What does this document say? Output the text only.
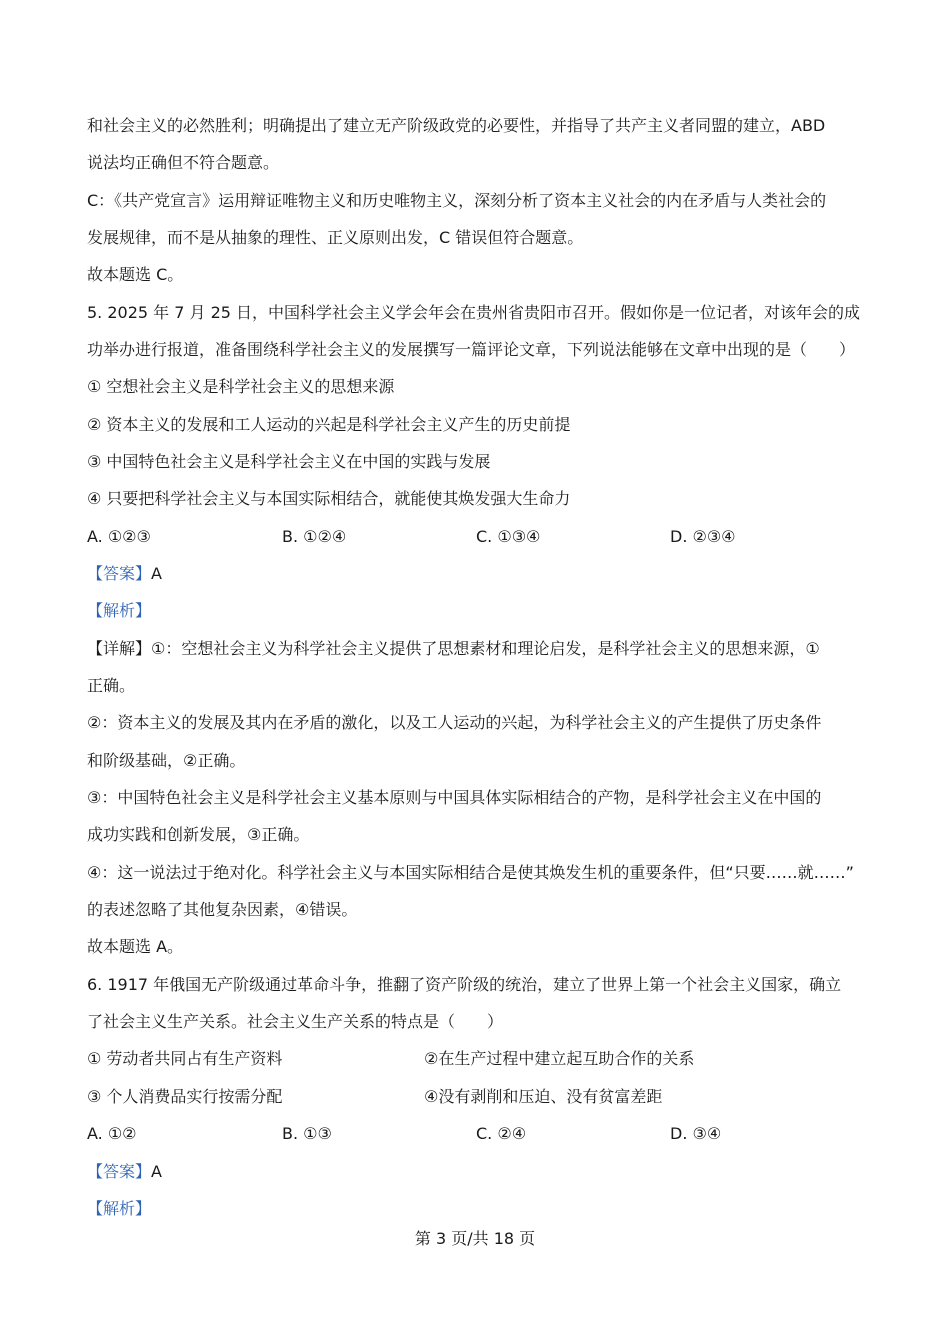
和社会主义的必然胜利；明确提出了建立无产阶级政党的必要性，并指导了共产主义者同盟的建立，ABD
说法均正确但不符合题意。
C：《共产党宣言》运用辩证唯物主义和历史唯物主义，深刻分析了资本主义社会的内在矛盾与人类社会的
发展规律，而不是从抽象的理性、正义原则出发，C 错误但符合题意。
故本题选 C。
5. 2025 年 7 月 25 日，中国科学社会主义学会年会在贵州省贵阳市召开。假如你是一位记者，对该年会的成
功举办进行报道，准备围绕科学社会主义的发展撰写一篇评论文章，下列说法能够在文章中出现的是（　　）
① 空想社会主义是科学社会主义的思想来源
② 资本主义的发展和工人运动的兴起是科学社会主义产生的历史前提
③ 中国特色社会主义是科学社会主义在中国的实践与发展
④ 只要把科学社会主义与本国实际相结合，就能使其焕发强大生命力
A. ①②③	B. ①②④	C. ①③④	D. ②③④
【答案】A
【解析】
【详解】①：空想社会主义为科学社会主义提供了思想素材和理论启发，是科学社会主义的思想来源，①
正确。
②：资本主义的发展及其内在矛盾的激化，以及工人运动的兴起，为科学社会主义的产生提供了历史条件
和阶级基础，②正确。
③：中国特色社会主义是科学社会主义基本原则与中国具体实际相结合的产物，是科学社会主义在中国的
成功实践和创新发展，③正确。
④：这一说法过于绝对化。科学社会主义与本国实际相结合是使其焕发生机的重要条件，但“只要……就……”
的表述忽略了其他复杂因素，④错误。
故本题选 A。
6. 1917 年俄国无产阶级通过革命斗争，推翻了资产阶级的统治，建立了世界上第一个社会主义国家，确立
了社会主义生产关系。社会主义生产关系的特点是（　　）
① 劳动者共同占有生产资料	②在生产过程中建立起互助合作的关系
③ 个人消费品实行按需分配	④没有剥削和压迫、没有贫富差距
A. ①②	B. ①③	C. ②④	D. ③④
【答案】A
【解析】
第 3 页/共 18 页
